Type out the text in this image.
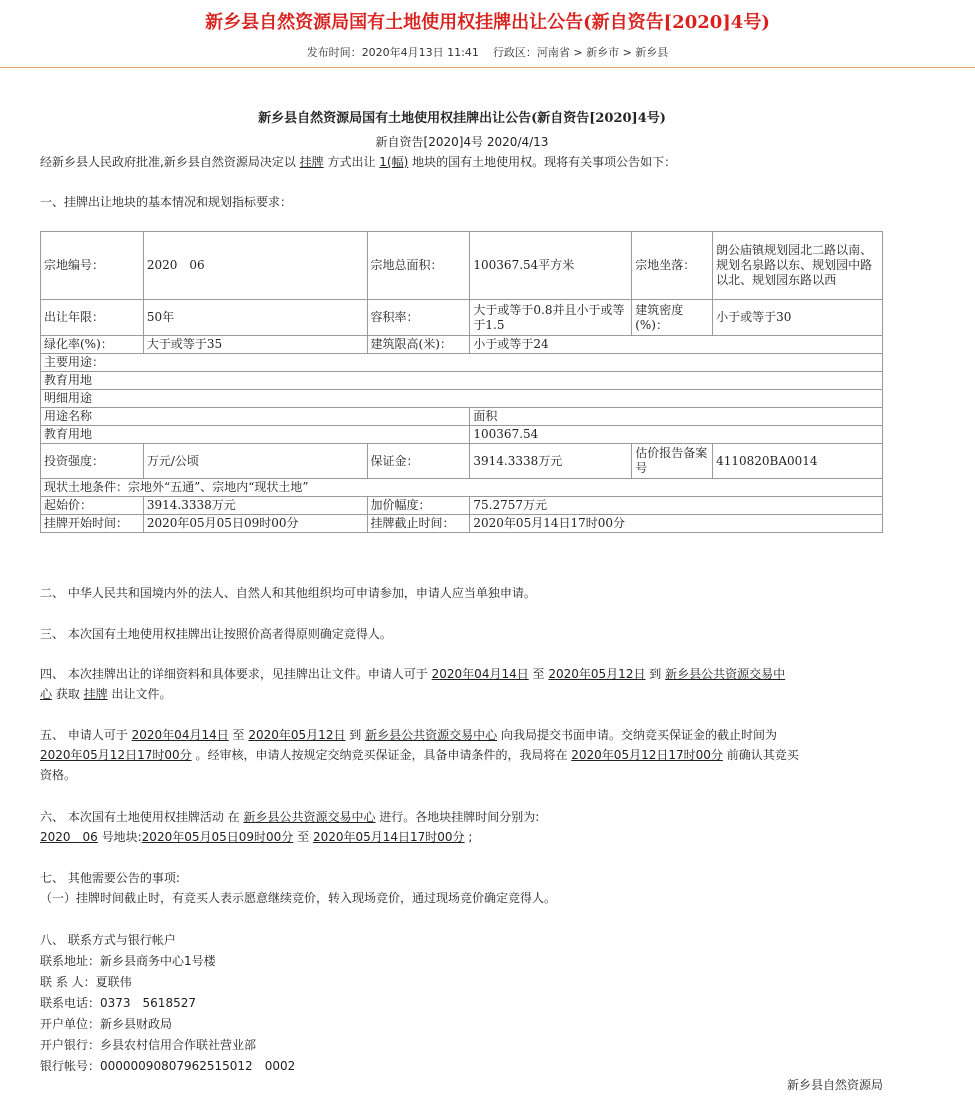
新乡县自然资源局国有土地使用权挂牌出让公告(新自资告[2020]4号)
发布时间：2020年4月13日 11:41 行政区：河南省 > 新乡市 > 新乡县
新乡县自然资源局国有土地使用权挂牌出让公告(新自资告[2020]4号)
新自资告[2020]4号 2020/4/13
经新乡县人民政府批准,新乡县自然资源局决定以 挂牌 方式出让 1(幅) 地块的国有土地使用权。现将有关事项公告如下：
一、挂牌出让地块的基本情况和规划指标要求：
宗地编号：	2020　06	宗地总面积：	100367.54平方米	宗地坐落：	朗公庙镇规划园北二路以南、规划名泉路以东、规划园中路以北、规划园东路以西
出让年限：	50年	容积率：	大于或等于0.8并且小于或等于1.5	建筑密度(%)：	小于或等于30
绿化率(%)：	大于或等于35	建筑限高(米)：	小于或等于24		
主要用途：					
教育用地					
明细用途					
用途名称			面积		
教育用地			100367.54		
投资强度：	万元/公顷	保证金：	3914.3338万元	估价报告备案号	4110820BA0014
现状土地条件：宗地外“五通”、宗地内“现状土地”					
起始价：	3914.3338万元	加价幅度：	75.2757万元		
挂牌开始时间：	2020年05月05日09时00分	挂牌截止时间：	2020年05月14日17时00分		
二、 中华人民共和国境内外的法人、自然人和其他组织均可申请参加，申请人应当单独申请。
三、 本次国有土地使用权挂牌出让按照价高者得原则确定竞得人。
四、 本次挂牌出让的详细资料和具体要求，见挂牌出让文件。申请人可于 2020年04月14日 至 2020年05月12日 到 新乡县公共资源交易中
心 获取 挂牌 出让文件。
五、 申请人可于 2020年04月14日 至 2020年05月12日 到 新乡县公共资源交易中心 向我局提交书面申请。交纳竞买保证金的截止时间为
2020年05月12日17时00分 。经审核，申请人按规定交纳竞买保证金，具备申请条件的，我局将在 2020年05月12日17时00分 前确认其竞买
资格。
六、 本次国有土地使用权挂牌活动 在 新乡县公共资源交易中心 进行。各地块挂牌时间分别为:
2020　06 号地块:2020年05月05日09时00分 至 2020年05月14日17时00分 ;
七、 其他需要公告的事项:
（一）挂牌时间截止时，有竞买人表示愿意继续竞价，转入现场竞价，通过现场竞价确定竞得人。
八、 联系方式与银行帐户
联系地址：新乡县商务中心1号楼
联 系 人：夏联伟
联系电话：0373　5618527
开户单位：新乡县财政局
开户银行：乡县农村信用合作联社营业部
银行帐号：00000090807962515012　0002
新乡县自然资源局
